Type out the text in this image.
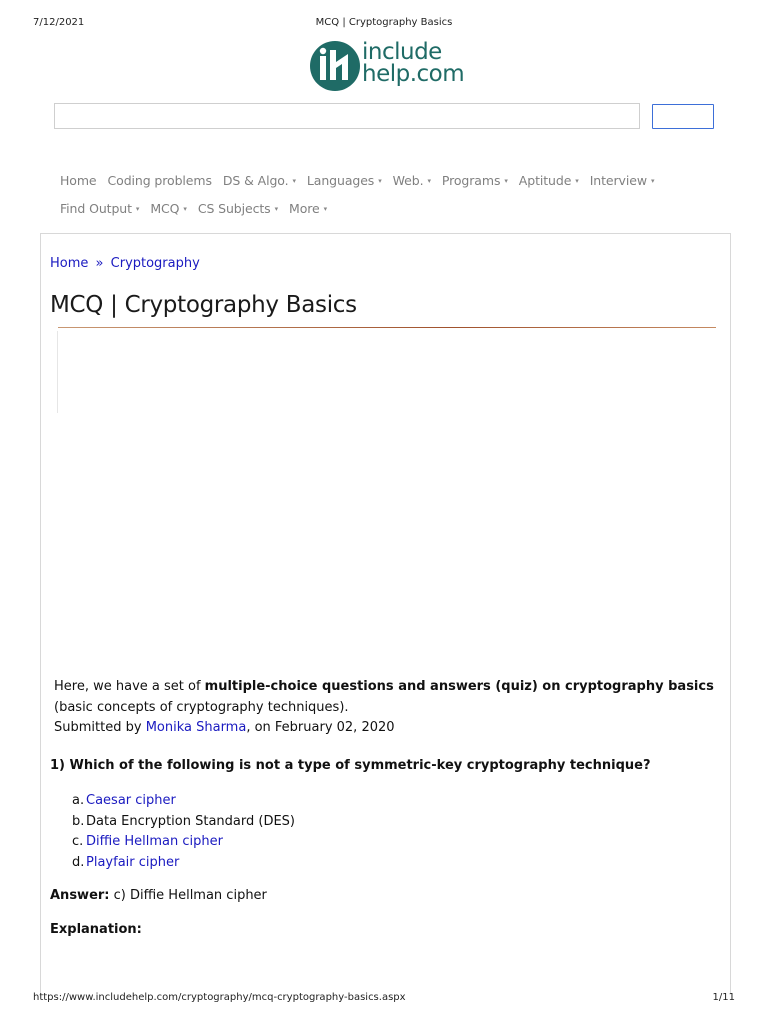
7/12/2021	MCQ | Cryptography Basics
include
help.com
Home Coding problems DS & Algo. ▾ Languages ▾ Web. ▾ Programs ▾ Aptitude ▾ Interview ▾
Find Output ▾ MCQ ▾ CS Subjects ▾ More ▾
Home » Cryptography
MCQ | Cryptography Basics
Here, we have a set of multiple-choice questions and answers (quiz) on cryptography basics (basic concepts of cryptography techniques).
Submitted by Monika Sharma, on February 02, 2020
1) Which of the following is not a type of symmetric-key cryptography technique?
a. Caesar cipher
b. Data Encryption Standard (DES)
c. Diffie Hellman cipher
d. Playfair cipher
Answer: c) Diffie Hellman cipher
Explanation:
https://www.includehelp.com/cryptography/mcq-cryptography-basics.aspx	1/11
